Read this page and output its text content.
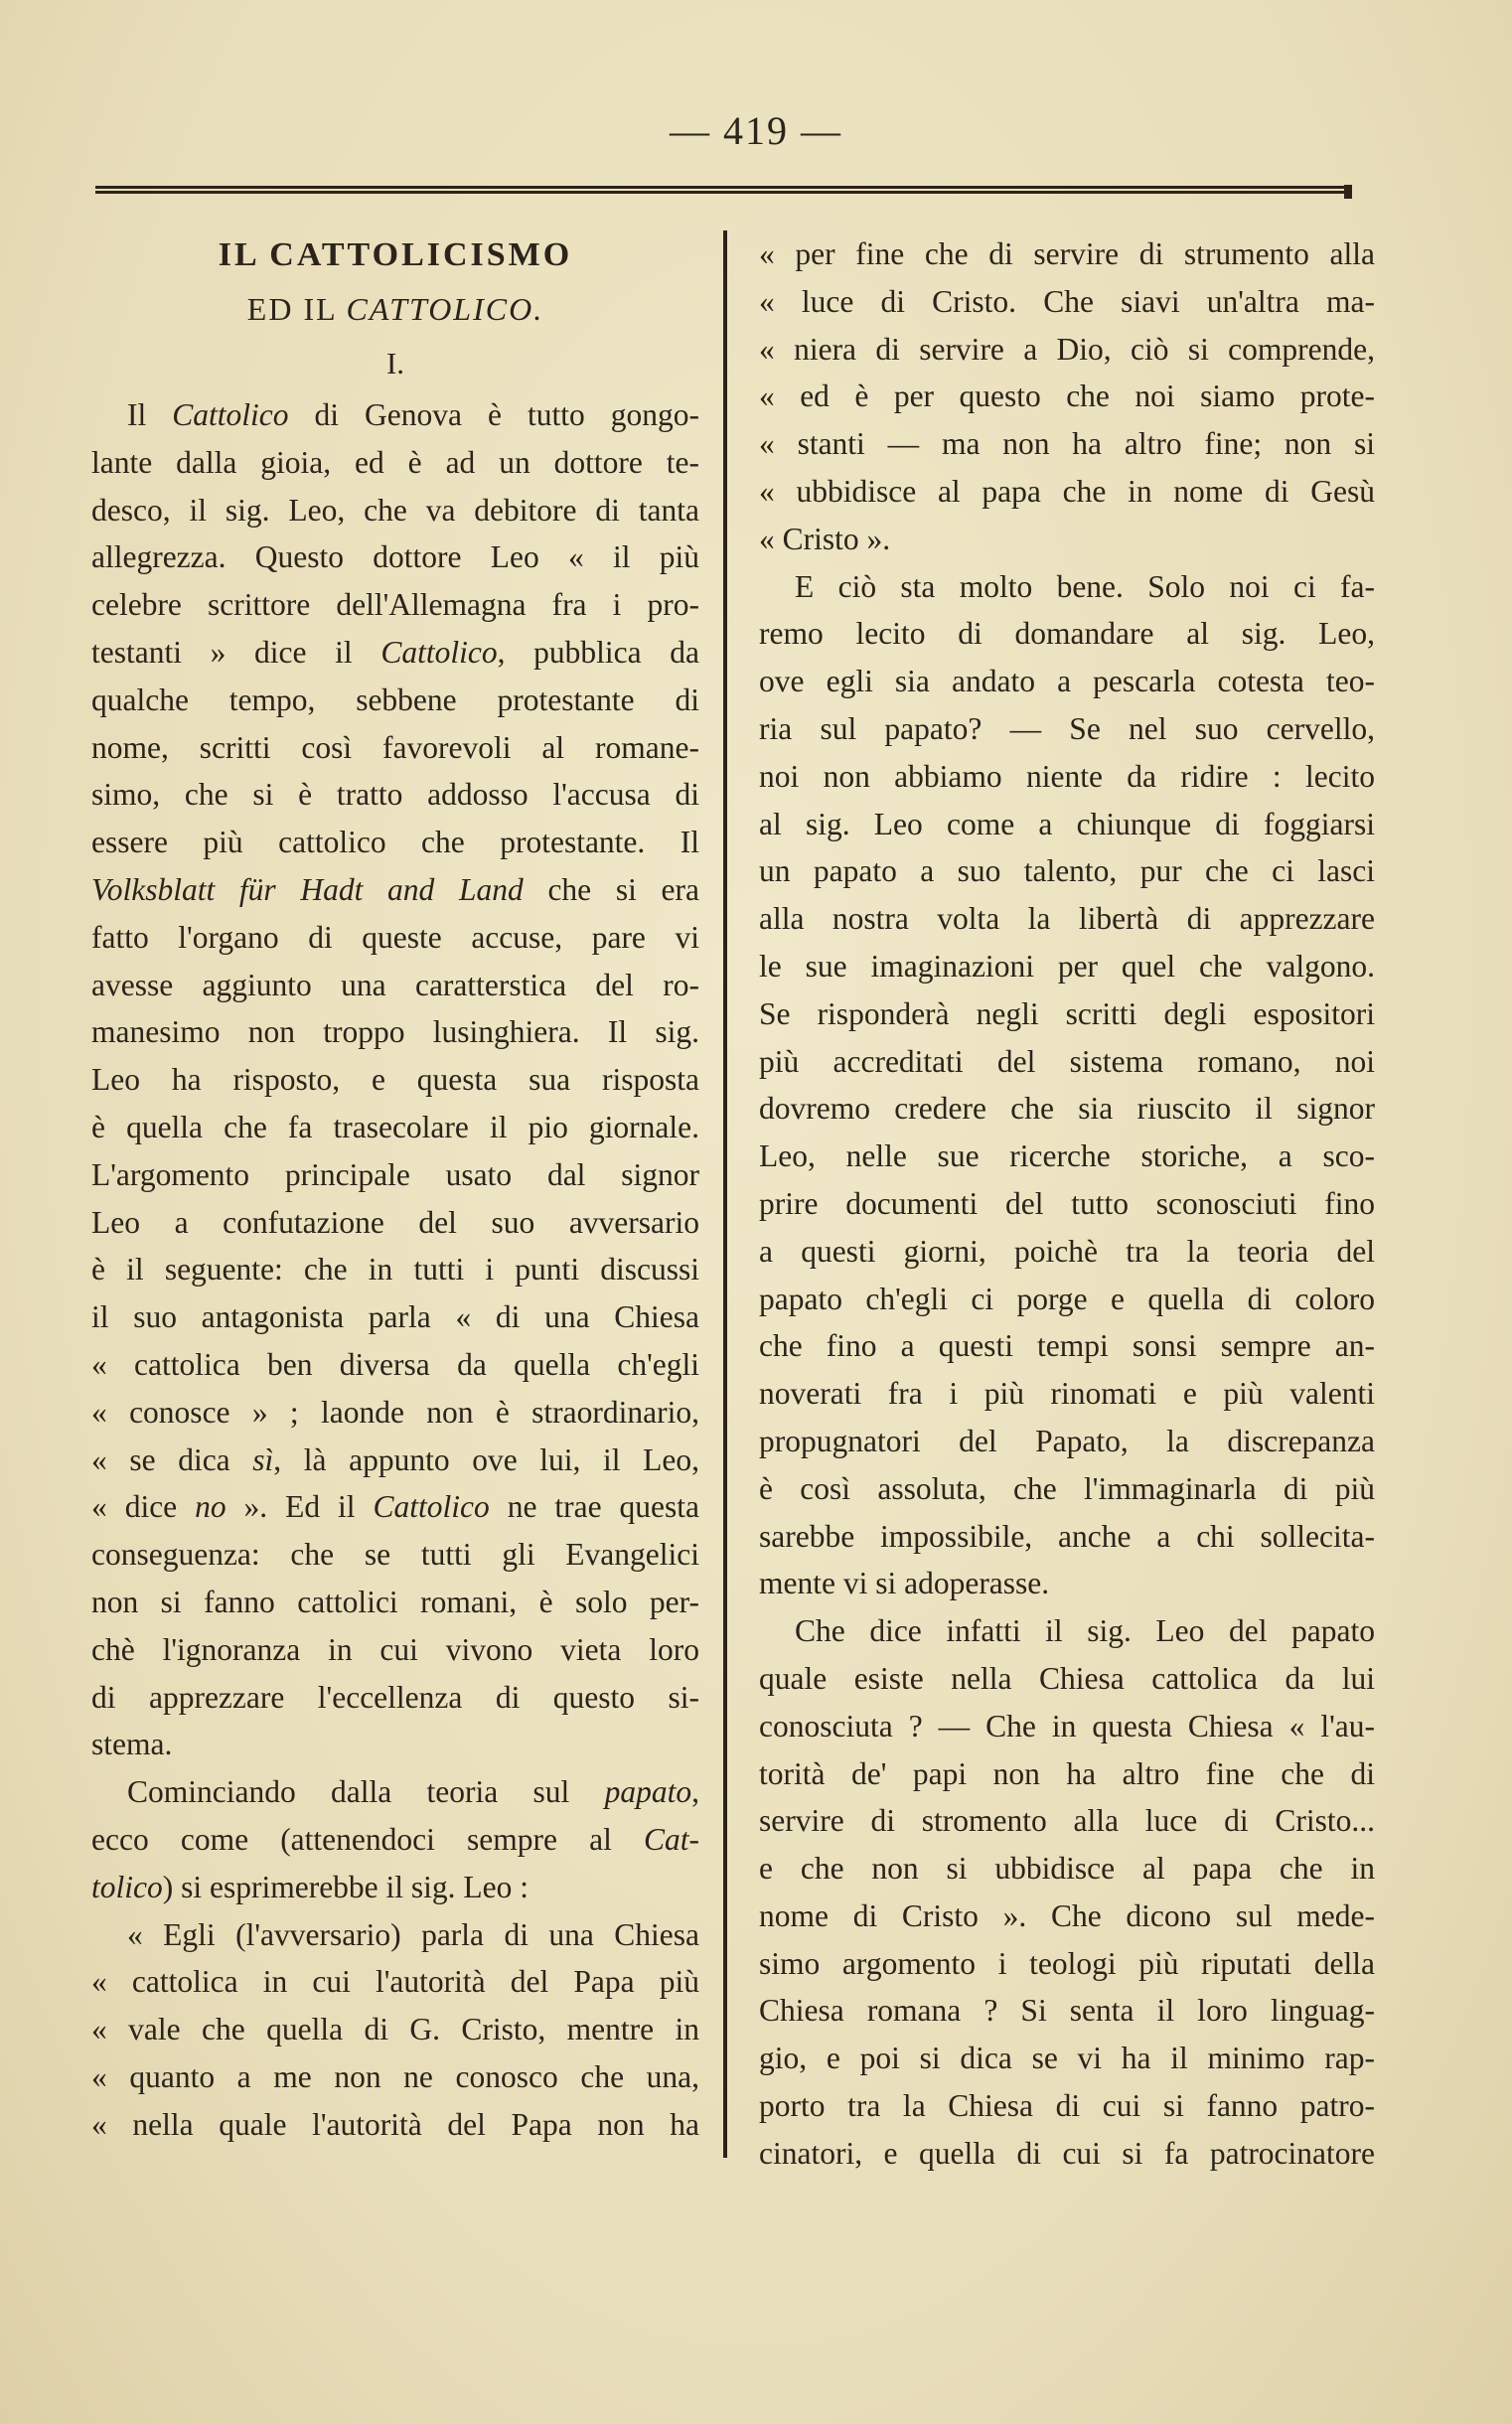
— 419 —
IL CATTOLICISMO
ED IL CATTOLICO.
I.
Il Cattolico di Genova è tutto gongo-
lante dalla gioia, ed è ad un dottore te-
desco, il sig. Leo, che va debitore di tanta
allegrezza. Questo dottore Leo « il più
celebre scrittore dell'Allemagna fra i pro-
testanti » dice il Cattolico, pubblica da
qualche tempo, sebbene protestante di
nome, scritti così favorevoli al romane-
simo, che si è tratto addosso l'accusa di
essere più cattolico che protestante. Il
Volksblatt für Hadt and Land che si era
fatto l'organo di queste accuse, pare vi
avesse aggiunto una caratterstica del ro-
manesimo non troppo lusinghiera. Il sig.
Leo ha risposto, e questa sua risposta
è quella che fa trasecolare il pio giornale.
L'argomento principale usato dal signor
Leo a confutazione del suo avversario
è il seguente: che in tutti i punti discussi
il suo antagonista parla « di una Chiesa
« cattolica ben diversa da quella ch'egli
« conosce » ; laonde non è straordinario,
« se dica sì, là appunto ove lui, il Leo,
« dice no ». Ed il Cattolico ne trae questa
conseguenza: che se tutti gli Evangelici
non si fanno cattolici romani, è solo per-
chè l'ignoranza in cui vivono vieta loro
di apprezzare l'eccellenza di questo si-
stema.
Cominciando dalla teoria sul papato,
ecco come (attenendoci sempre al Cat-
tolico) si esprimerebbe il sig. Leo :
« Egli (l'avversario) parla di una Chiesa
« cattolica in cui l'autorità del Papa più
« vale che quella di G. Cristo, mentre in
« quanto a me non ne conosco che una,
« nella quale l'autorità del Papa non ha
« per fine che di servire di strumento alla
« luce di Cristo. Che siavi un'altra ma-
« niera di servire a Dio, ciò si comprende,
« ed è per questo che noi siamo prote-
« stanti — ma non ha altro fine; non si
« ubbidisce al papa che in nome di Gesù
« Cristo ».
E ciò sta molto bene. Solo noi ci fa-
remo lecito di domandare al sig. Leo,
ove egli sia andato a pescarla cotesta teo-
ria sul papato? — Se nel suo cervello,
noi non abbiamo niente da ridire : lecito
al sig. Leo come a chiunque di foggiarsi
un papato a suo talento, pur che ci lasci
alla nostra volta la libertà di apprezzare
le sue imaginazioni per quel che valgono.
Se risponderà negli scritti degli espositori
più accreditati del sistema romano, noi
dovremo credere che sia riuscito il signor
Leo, nelle sue ricerche storiche, a sco-
prire documenti del tutto sconosciuti fino
a questi giorni, poichè tra la teoria del
papato ch'egli ci porge e quella di coloro
che fino a questi tempi sonsi sempre an-
noverati fra i più rinomati e più valenti
propugnatori del Papato, la discrepanza
è così assoluta, che l'immaginarla di più
sarebbe impossibile, anche a chi sollecita-
mente vi si adoperasse.
Che dice infatti il sig. Leo del papato
quale esiste nella Chiesa cattolica da lui
conosciuta ? — Che in questa Chiesa « l'au-
torità de' papi non ha altro fine che di
servire di stromento alla luce di Cristo...
e che non si ubbidisce al papa che in
nome di Cristo ». Che dicono sul mede-
simo argomento i teologi più riputati della
Chiesa romana ? Si senta il loro linguag-
gio, e poi si dica se vi ha il minimo rap-
porto tra la Chiesa di cui si fanno patro-
cinatori, e quella di cui si fa patrocinatore
